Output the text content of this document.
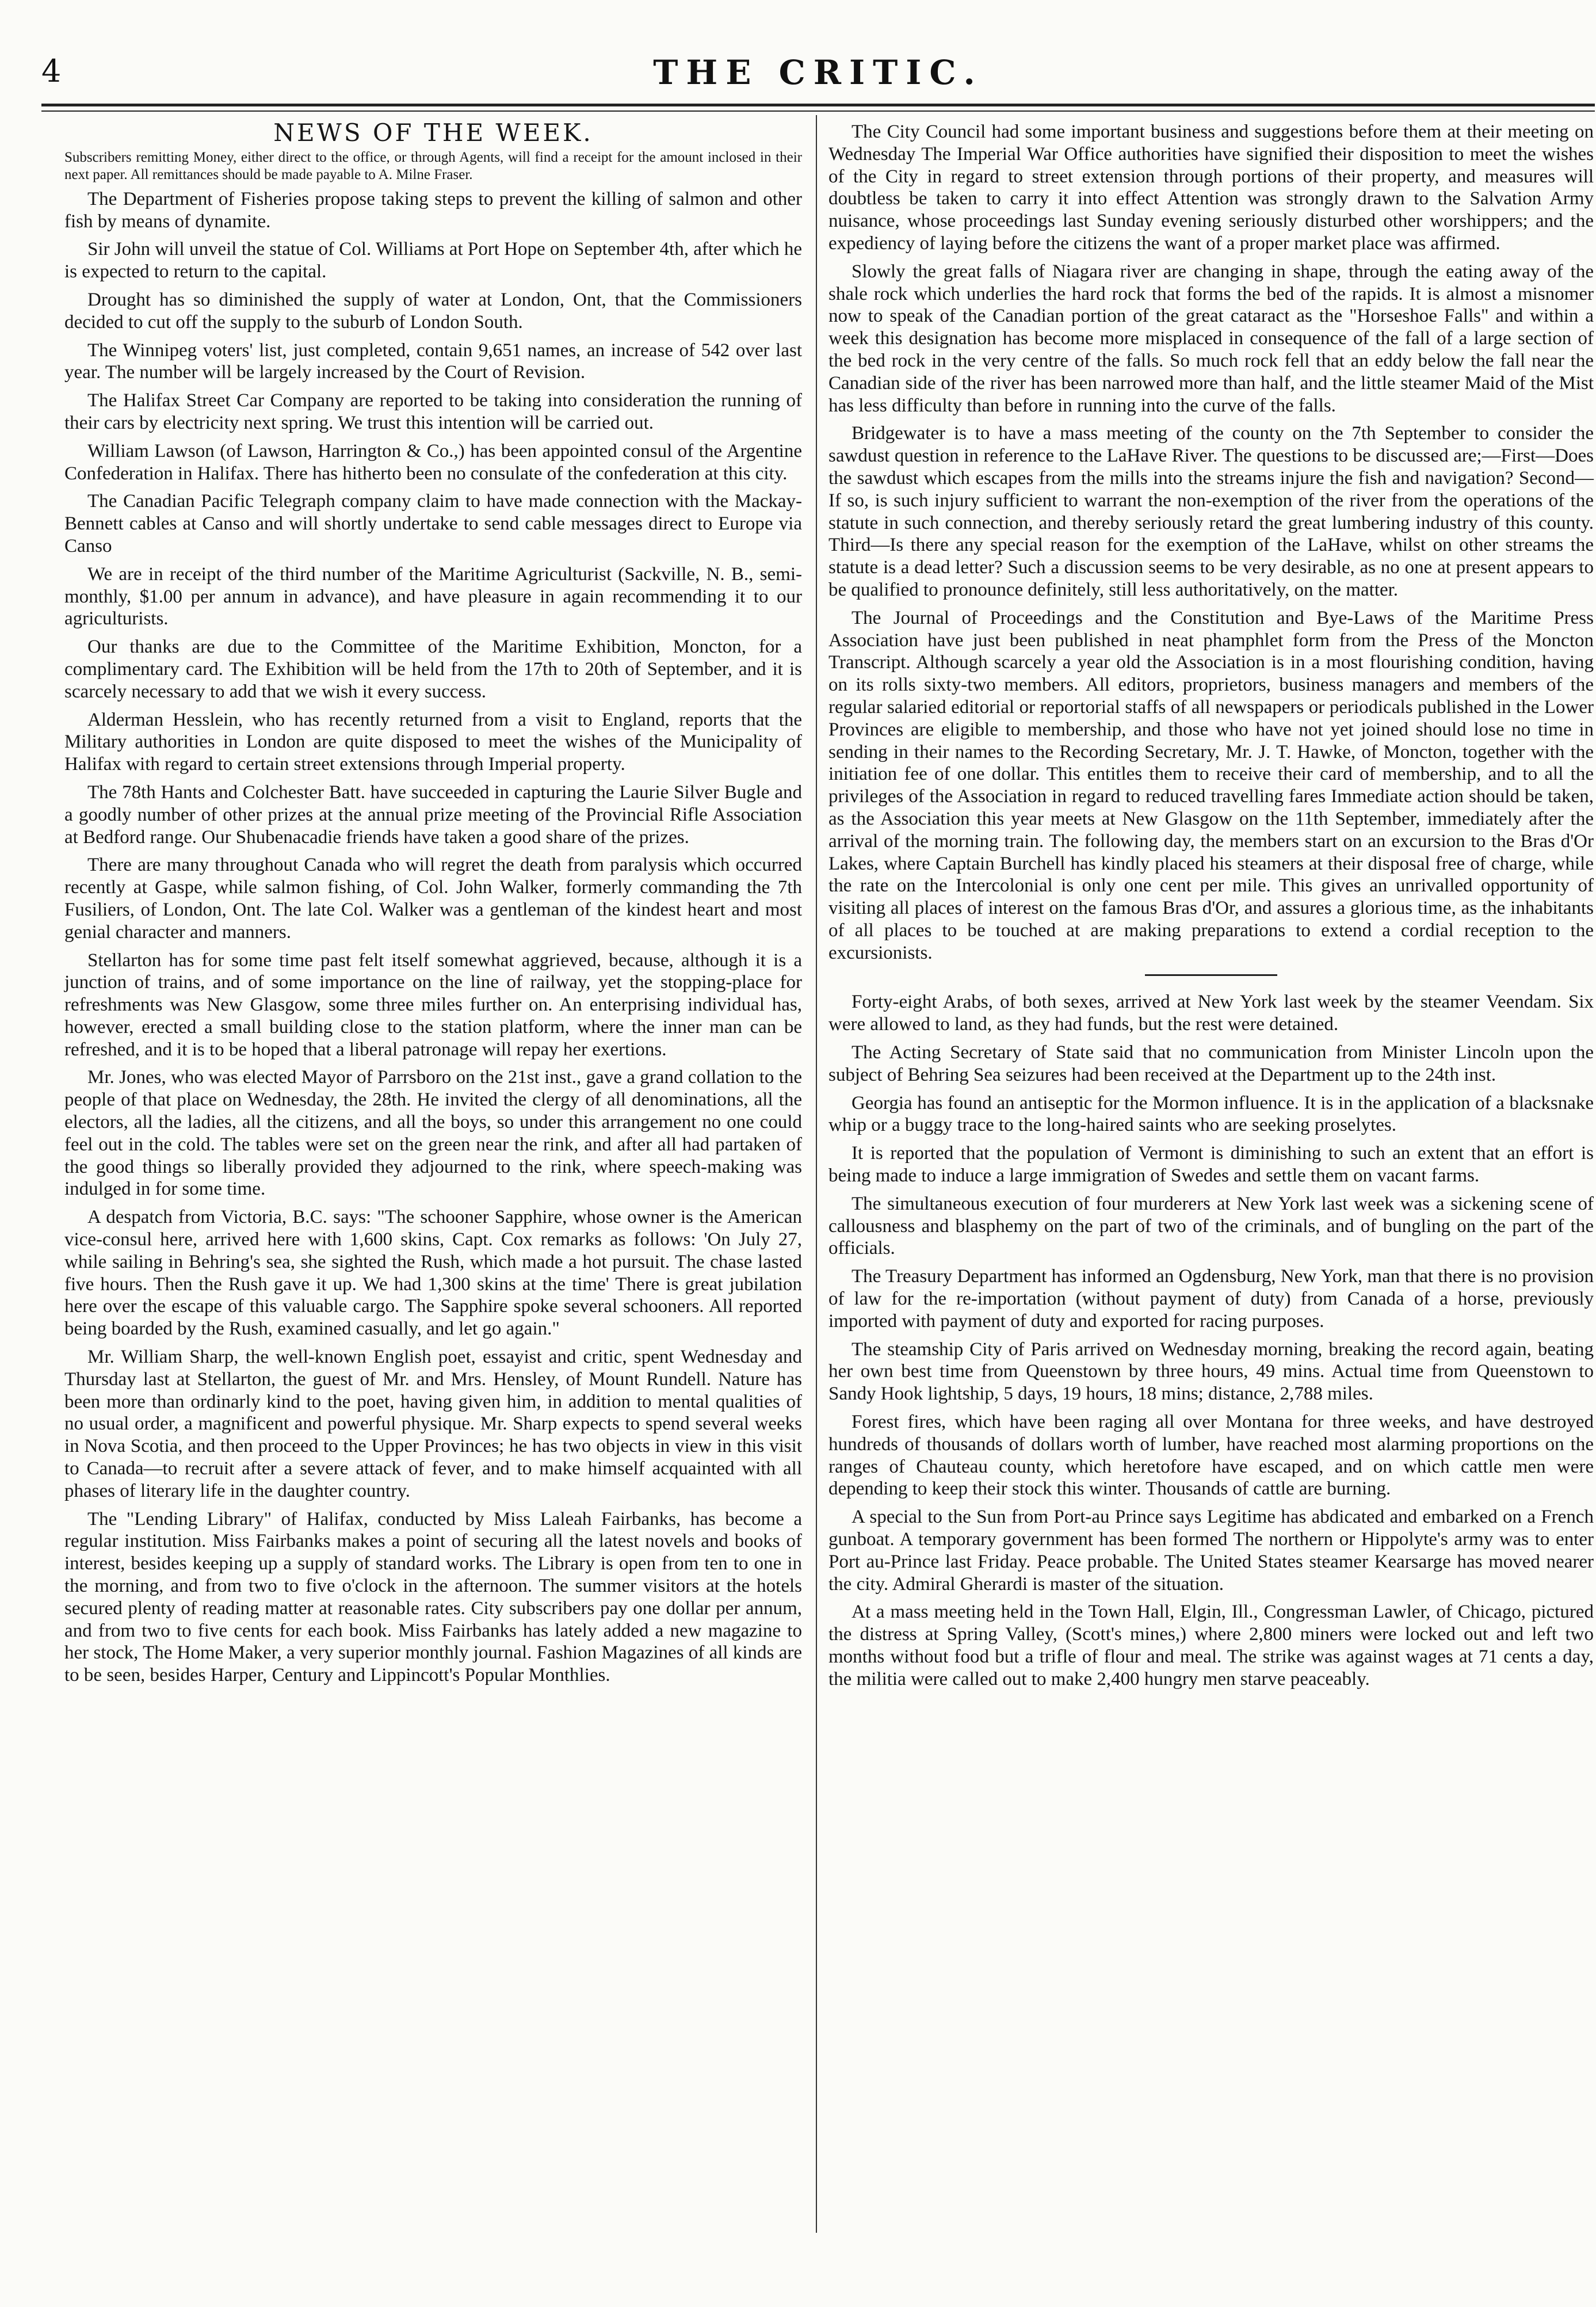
4	THE CRITIC.
NEWS OF THE WEEK.
Subscribers remitting Money, either direct to the office, or through Agents, will find a receipt for the amount inclosed in their next paper. All remittances should be made payable to A. Milne Fraser.

The Department of Fisheries propose taking steps to prevent the killing of salmon and other fish by means of dynamite.

Sir John will unveil the statue of Col. Williams at Port Hope on September 4th, after which he is expected to return to the capital.

Drought has so diminished the supply of water at London, Ont, that the Commissioners decided to cut off the supply to the suburb of London South.

The Winnipeg voters' list, just completed, contain 9,651 names, an increase of 542 over last year. The number will be largely increased by the Court of Revision.

The Halifax Street Car Company are reported to be taking into consideration the running of their cars by electricity next spring. We trust this intention will be carried out.

William Lawson (of Lawson, Harrington & Co.,) has been appointed consul of the Argentine Confederation in Halifax. There has hitherto been no consulate of the confederation at this city.

The Canadian Pacific Telegraph company claim to have made connection with the Mackay-Bennett cables at Canso and will shortly undertake to send cable messages direct to Europe via Canso

We are in receipt of the third number of the Maritime Agriculturist (Sackville, N. B., semi-monthly, $1.00 per annum in advance), and have pleasure in again recommending it to our agriculturists.

Our thanks are due to the Committee of the Maritime Exhibition, Moncton, for a complimentary card. The Exhibition will be held from the 17th to 20th of September, and it is scarcely necessary to add that we wish it every success.

Alderman Hesslein, who has recently returned from a visit to England, reports that the Military authorities in London are quite disposed to meet the wishes of the Municipality of Halifax with regard to certain street extensions through Imperial property.

The 78th Hants and Colchester Batt. have succeeded in capturing the Laurie Silver Bugle and a goodly number of other prizes at the annual prize meeting of the Provincial Rifle Association at Bedford range. Our Shubenacadie friends have taken a good share of the prizes.

There are many throughout Canada who will regret the death from paralysis which occurred recently at Gaspe, while salmon fishing, of Col. John Walker, formerly commanding the 7th Fusiliers, of London, Ont. The late Col. Walker was a gentleman of the kindest heart and most genial character and manners.

Stellarton has for some time past felt itself somewhat aggrieved, because, although it is a junction of trains, and of some importance on the line of railway, yet the stopping-place for refreshments was New Glasgow, some three miles further on. An enterprising individual has, however, erected a small building close to the station platform, where the inner man can be refreshed, and it is to be hoped that a liberal patronage will repay her exertions.

Mr. Jones, who was elected Mayor of Parrsboro on the 21st inst., gave a grand collation to the people of that place on Wednesday, the 28th. He invited the clergy of all denominations, all the electors, all the ladies, all the citizens, and all the boys, so under this arrangement no one could feel out in the cold. The tables were set on the green near the rink, and after all had partaken of the good things so liberally provided they adjourned to the rink, where speech-making was indulged in for some time.

A despatch from Victoria, B.C. says: "The schooner Sapphire, whose owner is the American vice-consul here, arrived here with 1,600 skins, Capt. Cox remarks as follows: 'On July 27, while sailing in Behring's sea, she sighted the Rush, which made a hot pursuit. The chase lasted five hours. Then the Rush gave it up. We had 1,300 skins at the time' There is great jubilation here over the escape of this valuable cargo. The Sapphire spoke several schooners. All reported being boarded by the Rush, examined casually, and let go again."

Mr. William Sharp, the well-known English poet, essayist and critic, spent Wednesday and Thursday last at Stellarton, the guest of Mr. and Mrs. Hensley, of Mount Rundell. Nature has been more than ordinarly kind to the poet, having given him, in addition to mental qualities of no usual order, a magnificent and powerful physique. Mr. Sharp expects to spend several weeks in Nova Scotia, and then proceed to the Upper Provinces; he has two objects in view in this visit to Canada—to recruit after a severe attack of fever, and to make himself acquainted with all phases of literary life in the daughter country.

The "Lending Library" of Halifax, conducted by Miss Laleah Fairbanks, has become a regular institution. Miss Fairbanks makes a point of securing all the latest novels and books of interest, besides keeping up a supply of standard works. The Library is open from ten to one in the morning, and from two to five o'clock in the afternoon. The summer visitors at the hotels secured plenty of reading matter at reasonable rates. City subscribers pay one dollar per annum, and from two to five cents for each book. Miss Fairbanks has lately added a new magazine to her stock, The Home Maker, a very superior monthly journal. Fashion Magazines of all kinds are to be seen, besides Harper, Century and Lippincott's Popular Monthlies.

The City Council had some important business and suggestions before them at their meeting on Wednesday The Imperial War Office authorities have signified their disposition to meet the wishes of the City in regard to street extension through portions of their property, and measures will doubtless be taken to carry it into effect Attention was strongly drawn to the Salvation Army nuisance, whose proceedings last Sunday evening seriously disturbed other worshippers; and the expediency of laying before the citizens the want of a proper market place was affirmed.

Slowly the great falls of Niagara river are changing in shape, through the eating away of the shale rock which underlies the hard rock that forms the bed of the rapids. It is almost a misnomer now to speak of the Canadian portion of the great cataract as the "Horseshoe Falls" and within a week this designation has become more misplaced in consequence of the fall of a large section of the bed rock in the very centre of the falls. So much rock fell that an eddy below the fall near the Canadian side of the river has been narrowed more than half, and the little steamer Maid of the Mist has less difficulty than before in running into the curve of the falls.

Bridgewater is to have a mass meeting of the county on the 7th September to consider the sawdust question in reference to the LaHave River. The questions to be discussed are;—First—Does the sawdust which escapes from the mills into the streams injure the fish and navigation? Second—If so, is such injury sufficient to warrant the non-exemption of the river from the operations of the statute in such connection, and thereby seriously retard the great lumbering industry of this county. Third—Is there any special reason for the exemption of the LaHave, whilst on other streams the statute is a dead letter? Such a discussion seems to be very desirable, as no one at present appears to be qualified to pronounce definitely, still less authoritatively, on the matter.

The Journal of Proceedings and the Constitution and Bye-Laws of the Maritime Press Association have just been published in neat phamphlet form from the Press of the Moncton Transcript. Although scarcely a year old the Association is in a most flourishing condition, having on its rolls sixty-two members. All editors, proprietors, business managers and members of the regular salaried editorial or reportorial staffs of all newspapers or periodicals published in the Lower Provinces are eligible to membership, and those who have not yet joined should lose no time in sending in their names to the Recording Secretary, Mr. J. T. Hawke, of Moncton, together with the initiation fee of one dollar. This entitles them to receive their card of membership, and to all the privileges of the Association in regard to reduced travelling fares Immediate action should be taken, as the Association this year meets at New Glasgow on the 11th September, immediately after the arrival of the morning train. The following day, the members start on an excursion to the Bras d'Or Lakes, where Captain Burchell has kindly placed his steamers at their disposal free of charge, while the rate on the Intercolonial is only one cent per mile. This gives an unrivalled opportunity of visiting all places of interest on the famous Bras d'Or, and assures a glorious time, as the inhabitants of all places to be touched at are making preparations to extend a cordial reception to the excursionists.

Forty-eight Arabs, of both sexes, arrived at New York last week by the steamer Veendam. Six were allowed to land, as they had funds, but the rest were detained.

The Acting Secretary of State said that no communication from Minister Lincoln upon the subject of Behring Sea seizures had been received at the Department up to the 24th inst.

Georgia has found an antiseptic for the Mormon influence. It is in the application of a blacksnake whip or a buggy trace to the long-haired saints who are seeking proselytes.

It is reported that the population of Vermont is diminishing to such an extent that an effort is being made to induce a large immigration of Swedes and settle them on vacant farms.

The simultaneous execution of four murderers at New York last week was a sickening scene of callousness and blasphemy on the part of two of the criminals, and of bungling on the part of the officials.

The Treasury Department has informed an Ogdensburg, New York, man that there is no provision of law for the re-importation (without payment of duty) from Canada of a horse, previously imported with payment of duty and exported for racing purposes.

The steamship City of Paris arrived on Wednesday morning, breaking the record again, beating her own best time from Queenstown by three hours, 49 mins. Actual time from Queenstown to Sandy Hook lightship, 5 days, 19 hours, 18 mins; distance, 2,788 miles.

Forest fires, which have been raging all over Montana for three weeks, and have destroyed hundreds of thousands of dollars worth of lumber, have reached most alarming proportions on the ranges of Chauteau county, which heretofore have escaped, and on which cattle men were depending to keep their stock this winter. Thousands of cattle are burning.

A special to the Sun from Port-au Prince says Legitime has abdicated and embarked on a French gunboat. A temporary government has been formed The northern or Hippolyte's army was to enter Port au-Prince last Friday. Peace probable. The United States steamer Kearsarge has moved nearer the city. Admiral Gherardi is master of the situation.

At a mass meeting held in the Town Hall, Elgin, Ill., Congressman Lawler, of Chicago, pictured the distress at Spring Valley, (Scott's mines,) where 2,800 miners were locked out and left two months without food but a trifle of flour and meal. The strike was against wages at 71 cents a day, the militia were called out to make 2,400 hungry men starve peaceably.
